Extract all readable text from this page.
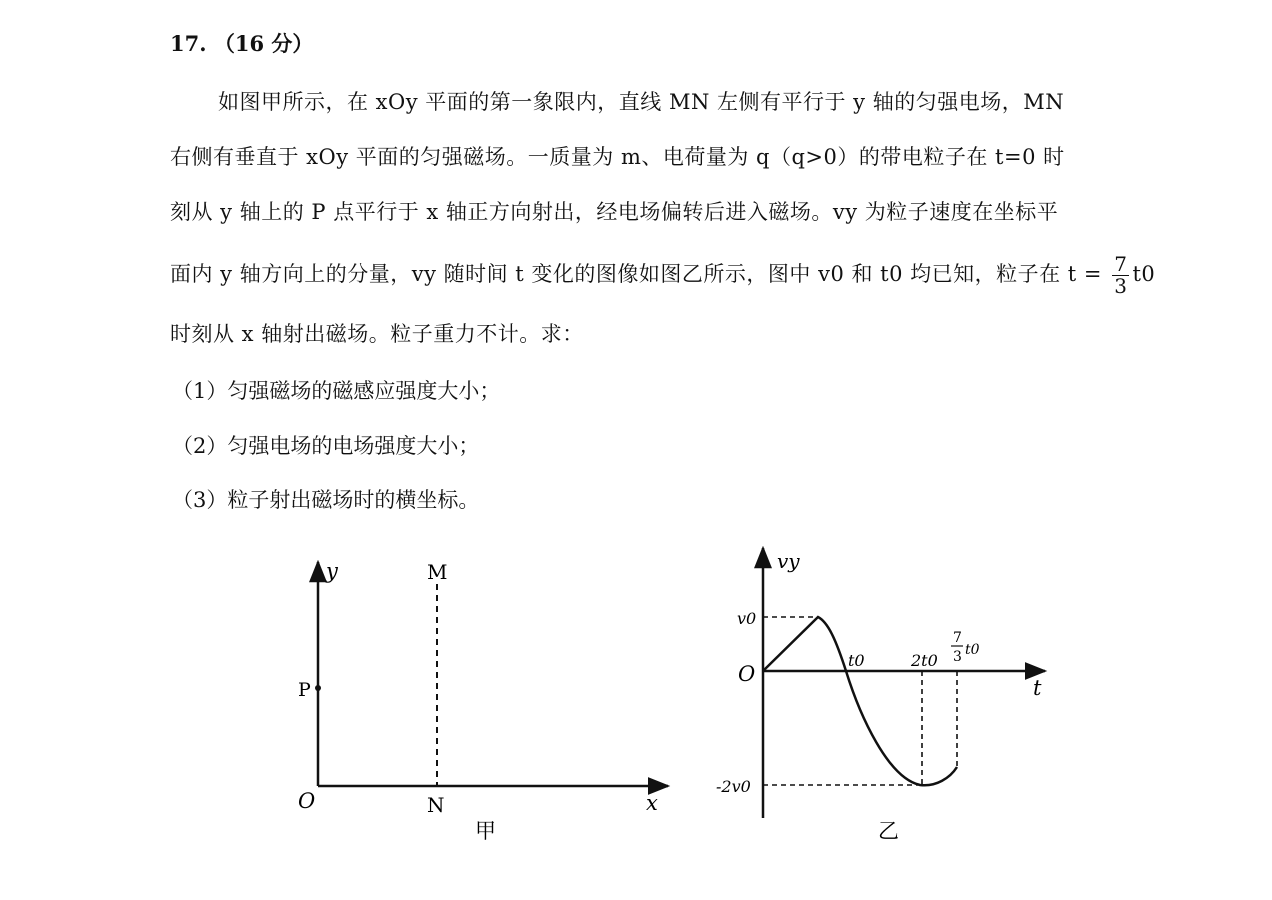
17. （16 分）
如图甲所示，在 xOy 平面的第一象限内，直线 MN 左侧有平行于 y 轴的匀强电场，MN
右侧有垂直于 xOy 平面的匀强磁场。一质量为 m、电荷量为 q（q>0）的带电粒子在 t=0 时
刻从 y 轴上的 P 点平行于 x 轴正方向射出，经电场偏转后进入磁场。vy 为粒子速度在坐标平
面内 y 轴方向上的分量，vy 随时间 t 变化的图像如图乙所示，图中 v0 和 t0 均已知，粒子在 $t = \frac{7}{3} t0$
时刻从 x 轴射出磁场。粒子重力不计。求：
（1）匀强磁场的磁感应强度大小；
（2）匀强电场的电场强度大小；
（3）粒子射出磁场时的横坐标。
y
x
O
P
M
N
甲
vy
t
O
v0
-2v0
t0	2t0
7
3 t0
乙
